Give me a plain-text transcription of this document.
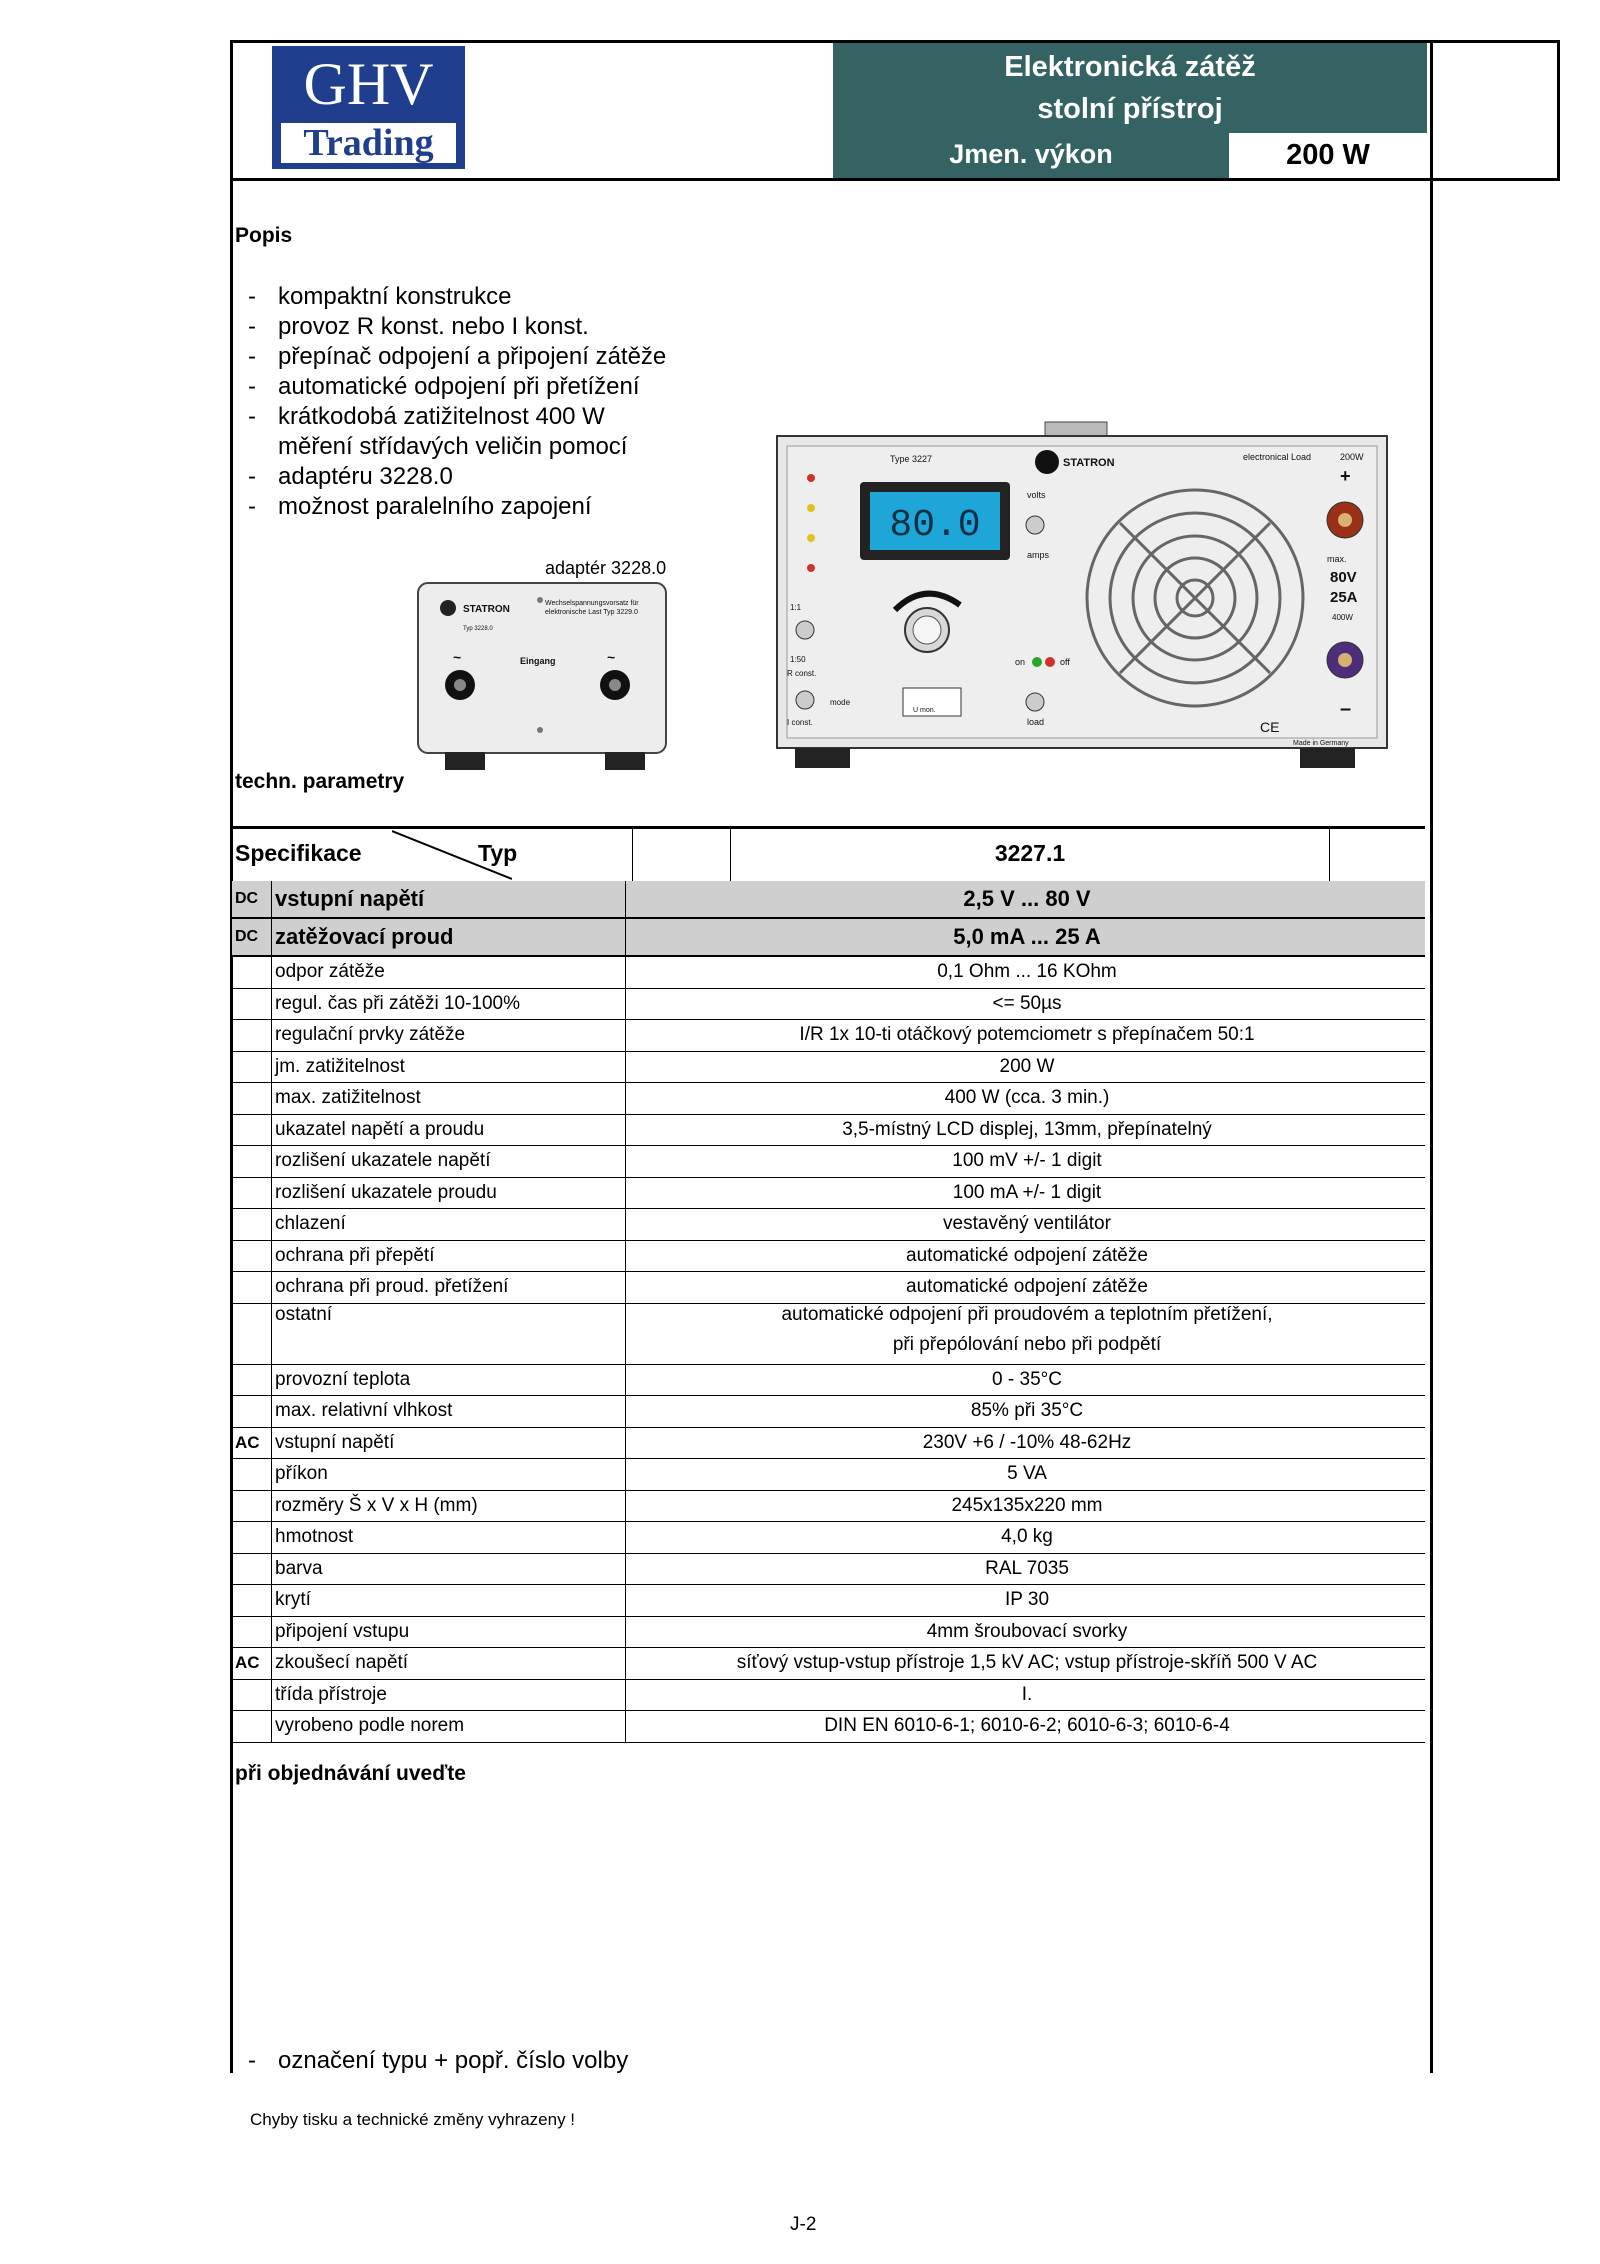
GHV
Trading
Elektronická zátěž
stolní přístroj
Jmen. výkon	200 W
Popis
- kompaktní konstrukce
- provoz R konst. nebo I konst.
- přepínač odpojení a připojení zátěže
- automatické odpojení při přetížení
- krátkodobá zatižitelnost 400 W
měření střídavých veličin pomocí
- adaptéru 3228.0
- možnost paralelního zapojení
adaptér 3228.0
STATRON
Wechselspannungsvorsatz für
elektronische Last Typ 3229.0
Typ 3228.0
~	~
Eingang
Type 3227	STATRON	electronical Load	200W
80.0
volts
amps
1:1
1:50
R const.
I const.
mode
U mon.
on	off
load
+
max.
80V
25A
400W
–
CE
Made in Germany
techn. parametry
Specifikace	Typ	3227.1
DC	vstupní napětí	2,5 V ... 80 V
DC	zatěžovací proud	5,0 mA ... 25 A
	odpor zátěže	0,1 Ohm ... 16 KOhm
	regul. čas při zátěži 10-100%	<= 50µs
	regulační prvky zátěže	I/R 1x 10-ti otáčkový potemciometr s přepínačem 50:1
	jm. zatižitelnost	200 W
	max. zatižitelnost	400 W (cca. 3 min.)
	ukazatel napětí a proudu	3,5-místný LCD displej, 13mm, přepínatelný
	rozlišení ukazatele napětí	100 mV +/- 1 digit
	rozlišení ukazatele proudu	100 mA +/- 1 digit
	chlazení	vestavěný ventilátor
	ochrana při přepětí	automatické odpojení zátěže
	ochrana při proud. přetížení	automatické odpojení zátěže
	ostatní	automatické odpojení při proudovém a teplotním přetížení,
při přepólování nebo při podpětí

	provozní teplota	0 - 35°C
	max. relativní vlhkost	85% při 35°C
AC	vstupní napětí	230V +6 / -10% 48-62Hz
	příkon	5 VA
	rozměry Š x V x H (mm)	245x135x220 mm
	hmotnost	4,0 kg
	barva	RAL 7035
	krytí	IP 30
	připojení vstupu	4mm šroubovací svorky
AC	zkoušecí napětí	síťový vstup-vstup přístroje 1,5 kV AC; vstup přístroje-skříň 500 V AC
	třída přístroje	I.
	vyrobeno podle norem	DIN EN 6010-6-1; 6010-6-2; 6010-6-3; 6010-6-4
při objednávání uveďte
- označení typu + popř. číslo volby
Chyby tisku a technické změny vyhrazeny !
J-2
